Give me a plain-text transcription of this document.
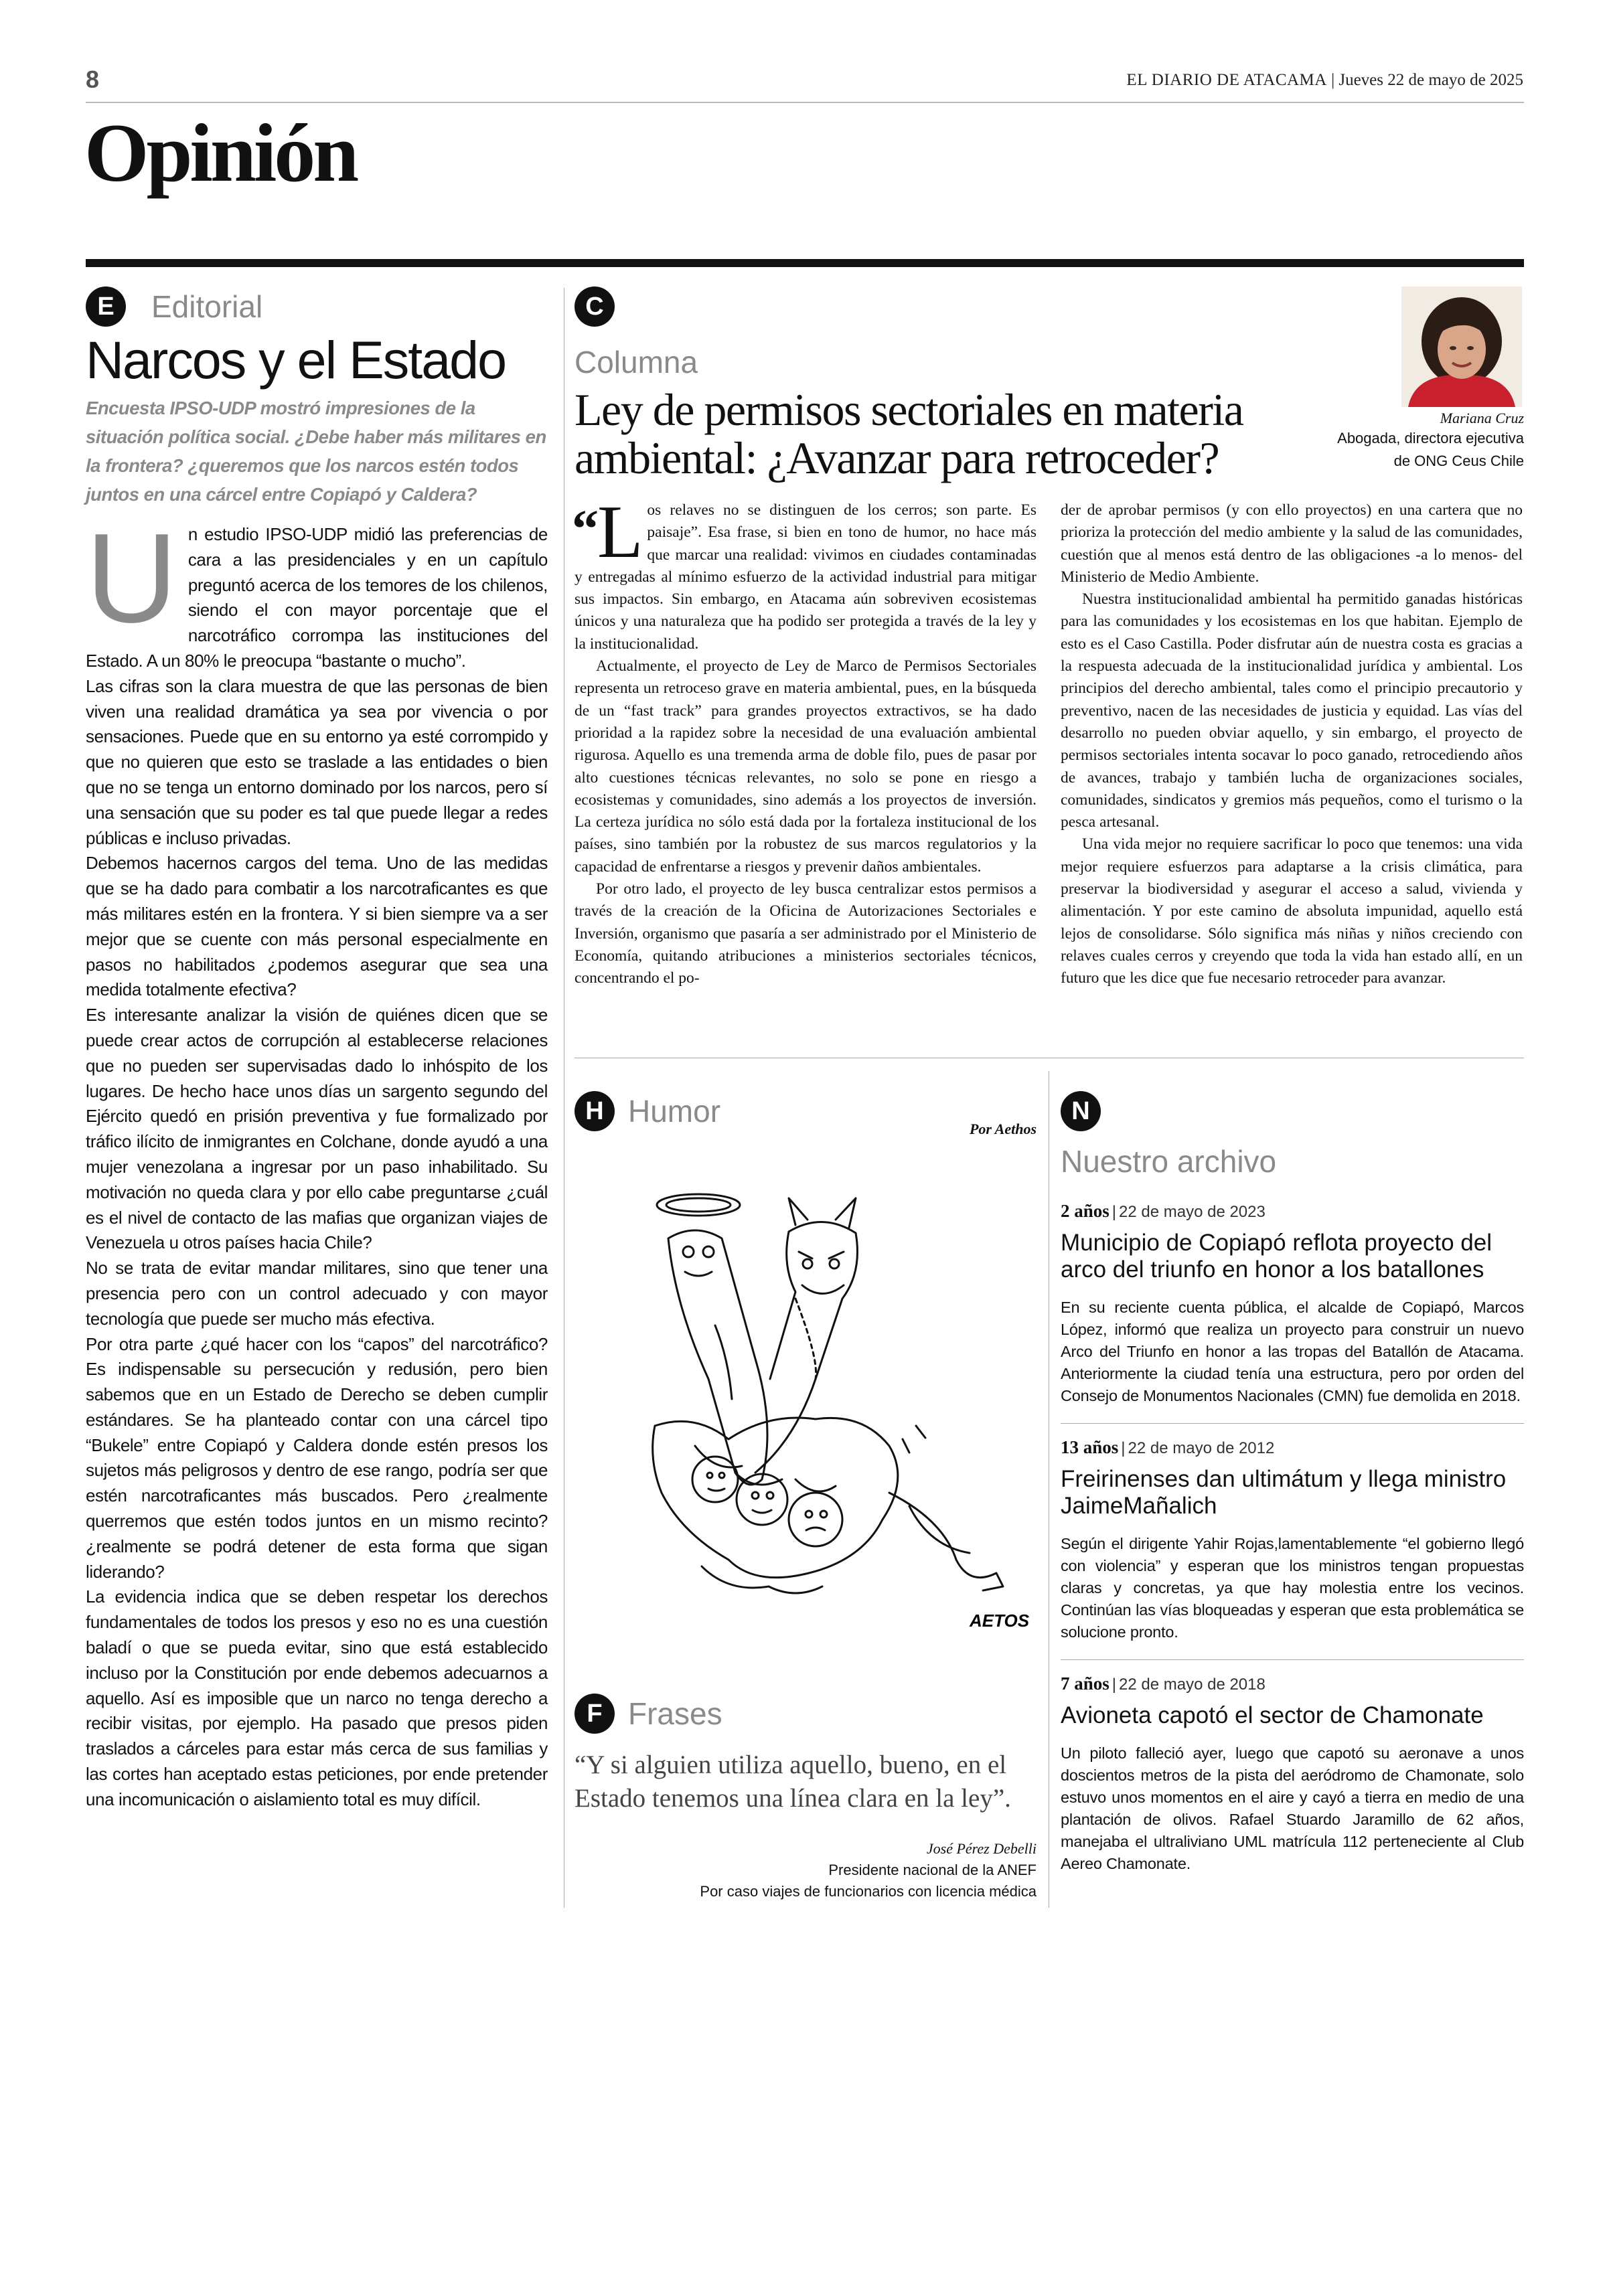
8	EL DIARIO DE ATACAMA | Jueves 22 de mayo de 2025
Opinión
E	Editorial
Narcos y el Estado
Encuesta IPSO-UDP mostró impresiones de la situación política social. ¿Debe haber más militares en la frontera? ¿queremos que los narcos estén todos juntos en una cárcel entre Copiapó y Caldera?

Un estudio IPSO-UDP midió las preferencias de cara a las presidenciales y en un capítulo preguntó acerca de los temores de los chilenos, siendo el con mayor porcentaje que el narcotráfico corrompa las instituciones del Estado. A un 80% le preocupa “bastante o mucho”.

Las cifras son la clara muestra de que las personas de bien viven una realidad dramática ya sea por vivencia o por sensaciones. Puede que en su entorno ya esté corrompido y que no quieren que esto se traslade a las entidades o bien que no se tenga un entorno dominado por los narcos, pero sí una sensación que su poder es tal que puede llegar a redes públicas e incluso privadas.

Debemos hacernos cargos del tema. Uno de las medidas que se ha dado para combatir a los narcotraficantes es que más militares estén en la frontera. Y si bien siempre va a ser mejor que se cuente con más personal especialmente en pasos no habilitados ¿podemos asegurar que sea una medida totalmente efectiva?

Es interesante analizar la visión de quiénes dicen que se puede crear actos de corrupción al establecerse relaciones que no pueden ser supervisadas dado lo inhóspito de los lugares. De hecho hace unos días un sargento segundo del Ejército quedó en prisión preventiva y fue formalizado por tráfico ilícito de inmigrantes en Colchane, donde ayudó a una mujer venezolana a ingresar por un paso inhabilitado. Su motivación no queda clara y por ello cabe preguntarse ¿cuál es el nivel de contacto de las mafias que organizan viajes de Venezuela u otros países hacia Chile?

No se trata de evitar mandar militares, sino que tener una presencia pero con un control adecuado y con mayor tecnología que puede ser mucho más efectiva.

Por otra parte ¿qué hacer con los “capos” del narcotráfico? Es indispensable su persecución y redusión, pero bien sabemos que en un Estado de Derecho se deben cumplir estándares. Se ha planteado contar con una cárcel tipo “Bukele” entre Copiapó y Caldera donde estén presos los sujetos más peligrosos y dentro de ese rango, podría ser que estén narcotraficantes más buscados. Pero ¿realmente querremos que estén todos juntos en un mismo recinto? ¿realmente se podrá detener de esta forma que sigan liderando?

La evidencia indica que se deben respetar los derechos fundamentales de todos los presos y eso no es una cuestión baladí o que se pueda evitar, sino que está establecido incluso por la Constitución por ende debemos adecuarnos a aquello. Así es imposible que un narco no tenga derecho a recibir visitas, por ejemplo. Ha pasado que presos piden traslados a cárceles para estar más cerca de sus familias y las cortes han aceptado estas peticiones, por ende pretender una incomunicación o aislamiento total es muy difícil.

C
Columna
Ley de permisos sectoriales en materia ambiental: ¿Avanzar para retroceder?
Mariana Cruz
Abogada, directora ejecutiva
de ONG Ceus Chile

“ L os relaves no se distinguen de los cerros; son parte. Es paisaje”. Esa frase, si bien en tono de humor, no hace más que marcar una realidad: vivimos en ciudades contaminadas y entregadas al mínimo esfuerzo de la actividad industrial para mitigar sus impactos. Sin embargo, en Atacama aún sobreviven ecosistemas únicos y una naturaleza que ha podido ser protegida a través de la ley y la institucionalidad.

Actualmente, el proyecto de Ley de Marco de Permisos Sectoriales representa un retroceso grave en materia ambiental, pues, en la búsqueda de un “fast track” para grandes proyectos extractivos, se ha dado prioridad a la rapidez sobre la necesidad de una evaluación ambiental rigurosa. Aquello es una tremenda arma de doble filo, pues de pasar por alto cuestiones técnicas relevantes, no solo se pone en riesgo a ecosistemas y comunidades, sino además a los proyectos de inversión. La certeza jurídica no sólo está dada por la fortaleza institucional de los países, sino también por la robustez de sus marcos regulatorios y la capacidad de enfrentarse a riesgos y prevenir daños ambientales.

Por otro lado, el proyecto de ley busca centralizar estos permisos a través de la creación de la Oficina de Autorizaciones Sectoriales e Inversión, organismo que pasaría a ser administrado por el Ministerio de Economía, quitando atribuciones a ministerios sectoriales técnicos, concentrando el po-

der de aprobar permisos (y con ello proyectos) en una cartera que no prioriza la protección del medio ambiente y la salud de las comunidades, cuestión que al menos está dentro de las obligaciones -a lo menos- del Ministerio de Medio Ambiente.

Nuestra institucionalidad ambiental ha permitido ganadas históricas para las comunidades y los ecosistemas en los que habitan. Ejemplo de esto es el Caso Castilla. Poder disfrutar aún de nuestra costa es gracias a la respuesta adecuada de la institucionalidad jurídica y ambiental. Los principios del derecho ambiental, tales como el principio precautorio y preventivo, nacen de las necesidades de justicia y equidad. Las vías del desarrollo no pueden obviar aquello, y sin embargo, el proyecto de permisos sectoriales intenta socavar lo poco ganado, retrocediendo años de avances, trabajo y también lucha de organizaciones sociales, comunidades, sindicatos y gremios más pequeños, como el turismo o la pesca artesanal.

Una vida mejor no requiere sacrificar lo poco que tenemos: una vida mejor requiere esfuerzos para adaptarse a la crisis climática, para preservar la biodiversidad y asegurar el acceso a salud, vivienda y alimentación. Y por este camino de absoluta impunidad, aquello está lejos de consolidarse. Sólo significa más niñas y niños creciendo con relaves cuales cerros y creyendo que toda la vida han estado allí, en un futuro que les dice que fue necesario retroceder para avanzar.

H Humor
Por Aethos
AETOS
F Frases
“Y si alguien utiliza aquello, bueno, en el Estado tenemos una línea clara en la ley”.
José Pérez Debelli
Presidente nacional de la ANEF
Por caso viajes de funcionarios con licencia médica
N
Nuestro archivo
2 años | 22 de mayo de 2023
Municipio de Copiapó reflota proyecto del arco del triunfo en honor a los batallones
En su reciente cuenta pública, el alcalde de Copiapó, Marcos López, informó que realiza un proyecto para construir un nuevo Arco del Triunfo en honor a las tropas del Batallón de Atacama. Anteriormente la ciudad tenía una estructura, pero por orden del Consejo de Monumentos Nacionales (CMN) fue demolida en 2018.
13 años | 22 de mayo de 2012
Freirinenses dan ultimátum y llega ministro JaimeMañalich
Según el dirigente Yahir Rojas,lamentablemente “el gobierno llegó con violencia” y esperan que los ministros tengan propuestas claras y concretas, ya que hay molestia entre los vecinos. Continúan las vías bloqueadas y esperan que esta problemática se solucione pronto.
7 años | 22 de mayo de 2018
Avioneta capotó el sector de Chamonate
Un piloto falleció ayer, luego que capotó su aeronave a unos doscientos metros de la pista del aeródromo de Chamonate, solo estuvo unos momentos en el aire y cayó a tierra en medio de una plantación de olivos. Rafael Stuardo Jaramillo de 62 años, manejaba el ultraliviano UML matrícula 112 perteneciente al Club Aereo Chamonate.
